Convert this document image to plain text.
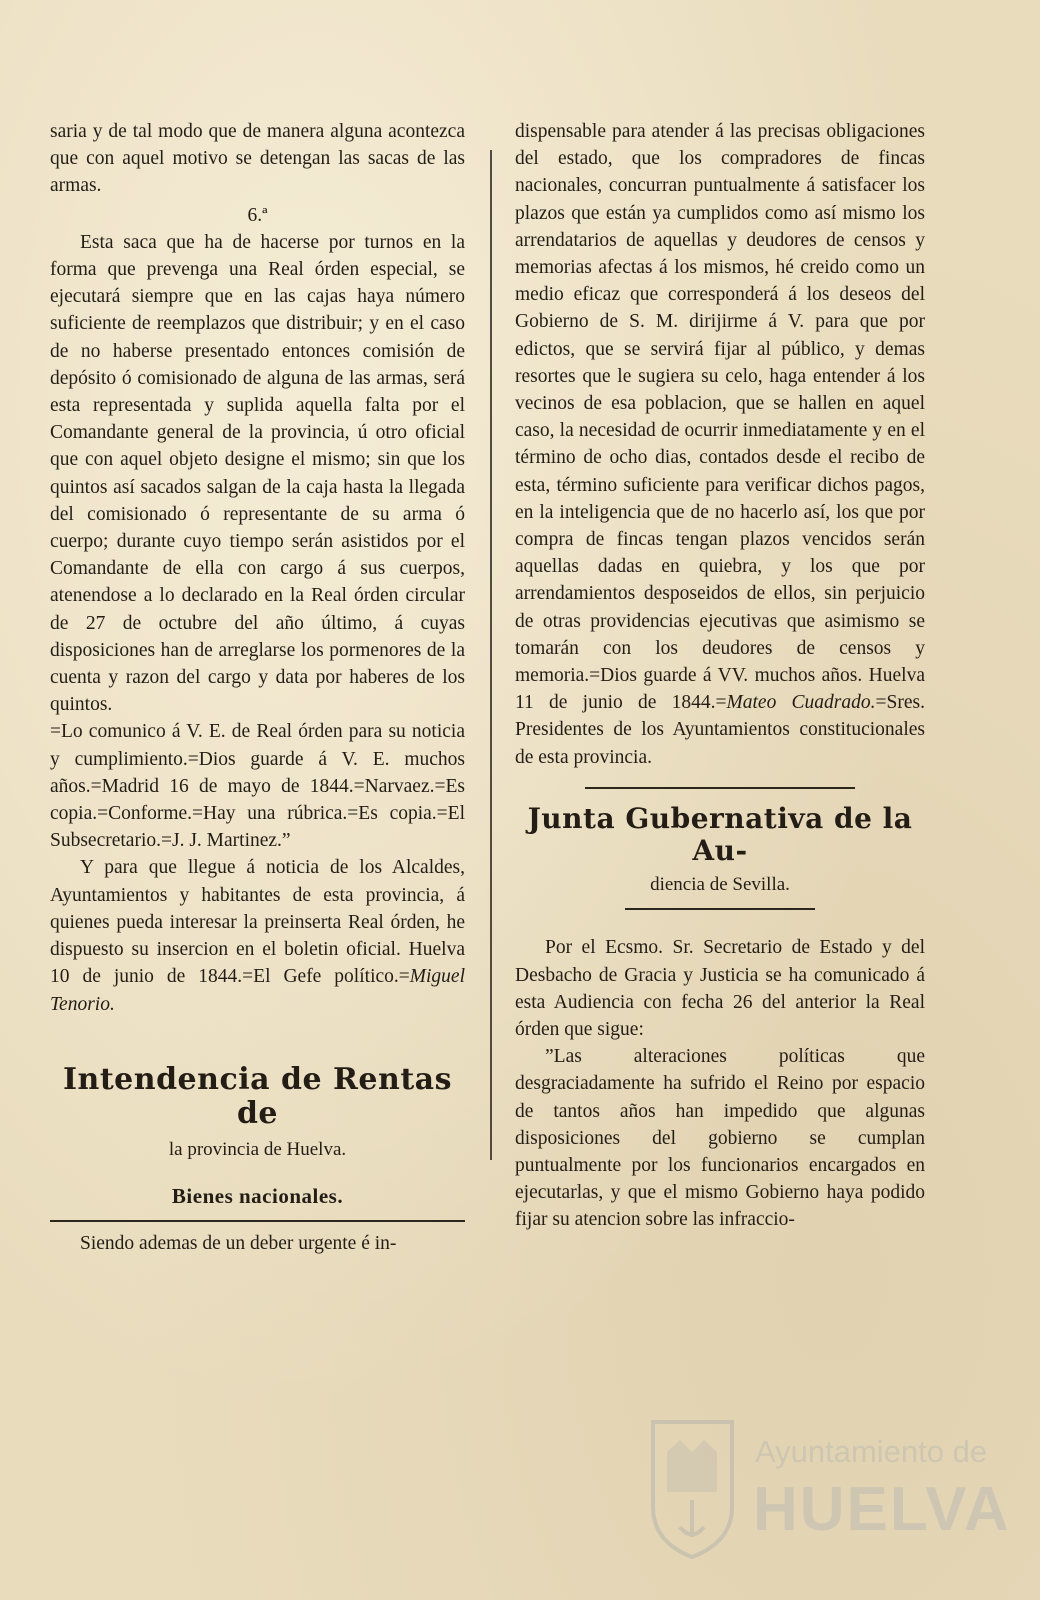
saria y de tal modo que de manera alguna acontezca que con aquel motivo se detengan las sacas de las armas.

6.ª

Esta saca que ha de hacerse por turnos en la forma que prevenga una Real órden especial, se ejecutará siempre que en las cajas haya número suficiente de reemplazos que distribuir; y en el caso de no haberse presentado entonces comisión de depósito ó comisionado de alguna de las armas, será esta representada y suplida aquella falta por el Comandante general de la provincia, ú otro oficial que con aquel objeto designe el mismo; sin que los quintos así sacados salgan de la caja hasta la llegada del comisionado ó representante de su arma ó cuerpo; durante cuyo tiempo serán asistidos por el Comandante de ella con cargo á sus cuerpos, atenendose a lo declarado en la Real órden circular de 27 de octubre del año último, á cuyas disposiciones han de arreglarse los pormenores de la cuenta y razon del cargo y data por haberes de los quintos.

=Lo comunico á V. E. de Real órden para su noticia y cumplimiento.=Dios guarde á V. E. muchos años.=Madrid 16 de mayo de 1844.=Narvaez.=Es copia.=Conforme.=Hay una rúbrica.=Es copia.=El Subsecretario.=J. J. Martinez.”

Y para que llegue á noticia de los Alcaldes, Ayuntamientos y habitantes de esta provincia, á quienes pueda interesar la preinserta Real órden, he dispuesto su insercion en el boletin oficial. Huelva 10 de junio de 1844.=El Gefe político.=Miguel Tenorio.

Intendencia de Rentas de

la provincia de Huelva.

Bienes nacionales.

Siendo ademas de un deber urgente é in-

dispensable para atender á las precisas obligaciones del estado, que los compradores de fincas nacionales, concurran puntualmente á satisfacer los plazos que están ya cumplidos como así mismo los arrendatarios de aquellas y deudores de censos y memorias afectas á los mismos, hé creido como un medio eficaz que corresponderá á los deseos del Gobierno de S. M. dirijirme á V. para que por edictos, que se servirá fijar al público, y demas resortes que le sugiera su celo, haga entender á los vecinos de esa poblacion, que se hallen en aquel caso, la necesidad de ocurrir inmediatamente y en el término de ocho dias, contados desde el recibo de esta, término suficiente para verificar dichos pagos, en la inteligencia que de no hacerlo así, los que por compra de fincas tengan plazos vencidos serán aquellas dadas en quiebra, y los que por arrendamientos desposeidos de ellos, sin perjuicio de otras providencias ejecutivas que asimismo se tomarán con los deudores de censos y memoria.=Dios guarde á VV. muchos años. Huelva 11 de junio de 1844.=Mateo Cuadrado.=Sres. Presidentes de los Ayuntamientos constitucionales de esta provincia.

Junta Gubernativa de la Au-

diencia de Sevilla.

Por el Ecsmo. Sr. Secretario de Estado y del Desbacho de Gracia y Justicia se ha comunicado á esta Audiencia con fecha 26 del anterior la Real órden que sigue:

”Las alteraciones políticas que desgraciadamente ha sufrido el Reino por espacio de tantos años han impedido que algunas disposiciones del gobierno se cumplan puntualmente por los funcionarios encargados en ejecutarlas, y que el mismo Gobierno haya podido fijar su atencion sobre las infraccio-

Ayuntamiento de
HUELVA
